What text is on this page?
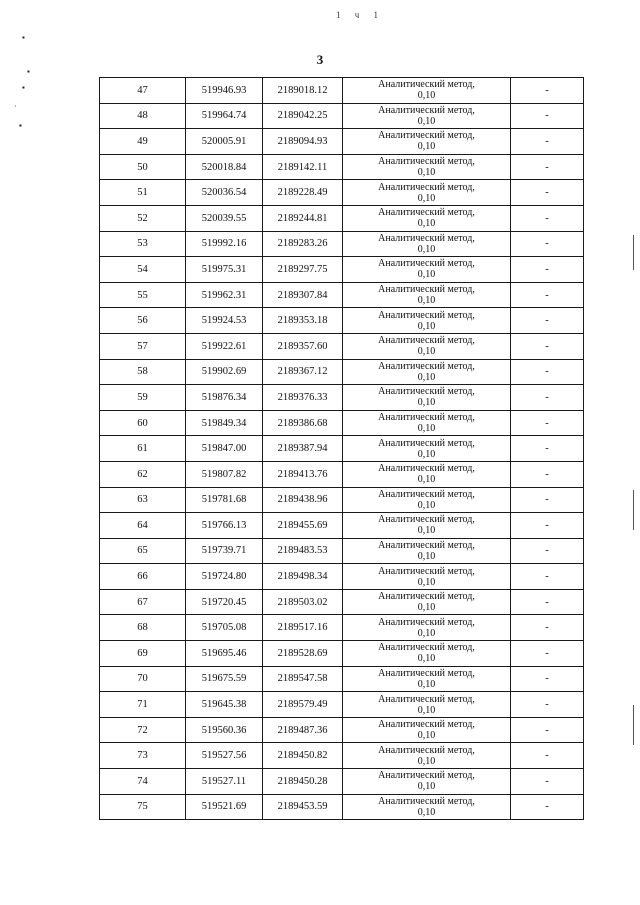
1 ч 1
▪
▪
▪
·
▪
3
47	519946.93	2189018.12	Аналитический метод,
0,10	-
48	519964.74	2189042.25	Аналитический метод,
0,10	-
49	520005.91	2189094.93	Аналитический метод,
0,10	-
50	520018.84	2189142.11	Аналитический метод,
0,10	-
51	520036.54	2189228.49	Аналитический метод,
0,10	-
52	520039.55	2189244.81	Аналитический метод,
0,10	-
53	519992.16	2189283.26	Аналитический метод,
0,10	-
54	519975.31	2189297.75	Аналитический метод,
0,10	-
55	519962.31	2189307.84	Аналитический метод,
0,10	-
56	519924.53	2189353.18	Аналитический метод,
0,10	-
57	519922.61	2189357.60	Аналитический метод,
0,10	-
58	519902.69	2189367.12	Аналитический метод,
0,10	-
59	519876.34	2189376.33	Аналитический метод,
0,10	-
60	519849.34	2189386.68	Аналитический метод,
0,10	-
61	519847.00	2189387.94	Аналитический метод,
0,10	-
62	519807.82	2189413.76	Аналитический метод,
0,10	-
63	519781.68	2189438.96	Аналитический метод,
0,10	-
64	519766.13	2189455.69	Аналитический метод,
0,10	-
65	519739.71	2189483.53	Аналитический метод,
0,10	-
66	519724.80	2189498.34	Аналитический метод,
0,10	-
67	519720.45	2189503.02	Аналитический метод,
0,10	-
68	519705.08	2189517.16	Аналитический метод,
0,10	-
69	519695.46	2189528.69	Аналитический метод,
0,10	-
70	519675.59	2189547.58	Аналитический метод,
0,10	-
71	519645.38	2189579.49	Аналитический метод,
0,10	-
72	519560.36	2189487.36	Аналитический метод,
0,10	-
73	519527.56	2189450.82	Аналитический метод,
0,10	-
74	519527.11	2189450.28	Аналитический метод,
0,10	-
75	519521.69	2189453.59	Аналитический метод,
0,10	-
